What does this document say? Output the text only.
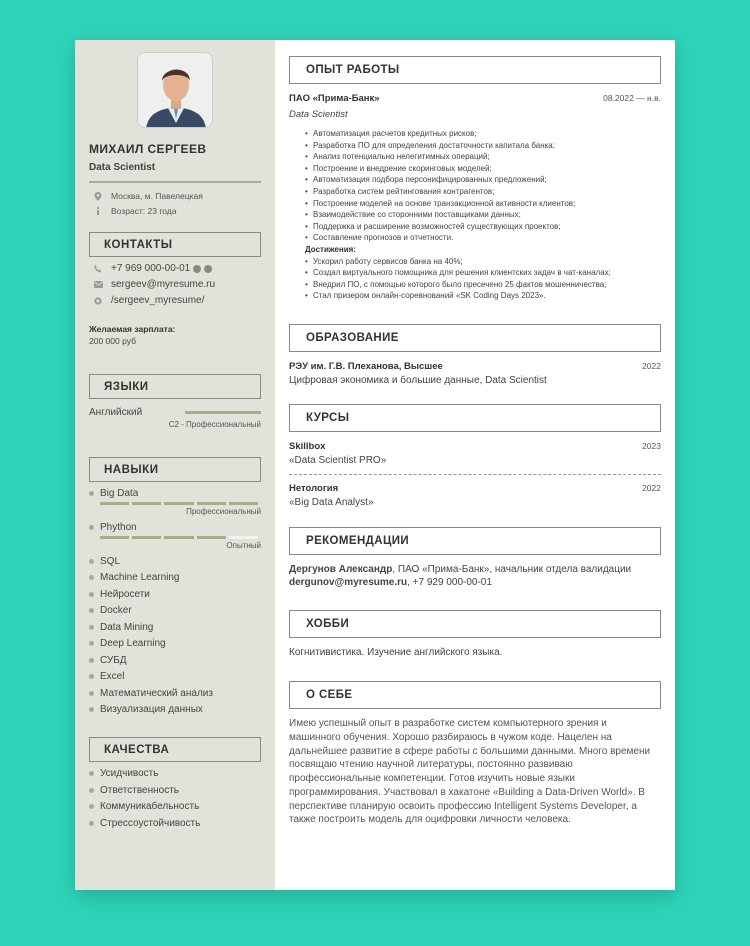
МИХАИЛ СЕРГЕЕВ
Data Scientist
Москва, м. Павелецкая
Возраст: 23 года
КОНТАКТЫ
+7 969 000-00-01
sergeev@myresume.ru
/sergeev_myresume/
Желаемая зарплата:
200 000 руб
ЯЗЫКИ
Английский
C2 - Профессиональный
НАВЫКИ
Big Data
Профессиональный
Phython
Опытный
SQL
Machine Learning
Нейросети
Docker
Data Mining
Deep Learning
СУБД
Excel
Математический анализ
Визуализация данных
КАЧЕСТВА
Усидчивость
Ответственность
Коммуникабельность
Стрессоустойчивость
ОПЫТ РАБОТЫ
ПАО «Прима-Банк»	08.2022 — н.в.
Data Scientist
• Автоматизация расчетов кредитных рисков;
• Разработка ПО для определения достаточности капитала банка;
• Анализ потенциально нелегитимных операций;
• Построение и внедрение скоринговых моделей;
• Автоматизация подбора персонифицированных предложений;
• Разработка систем рейтингования контрагентов;
• Построение моделей на основе транзакционной активности клиентов;
• Взаимодействие со сторонними поставщиками данных;
• Поддержка и расширение возможностей существующих проектов;
• Составление прогнозов и отчетности.
Достижения:
• Ускорил работу сервисов банка на 40%;
• Создал виртуального помощника для решения клиентских задач в чат-каналах;
• Внедрил ПО, с помощью которого было пресечено 25 фактов мошенничества;
• Стал призером онлайн-соревнований «SK Coding Days 2023».
ОБРАЗОВАНИЕ
РЭУ им. Г.В. Плеханова, Высшее	2022
Цифровая экономика и большие данные, Data Scientist
КУРСЫ
Skillbox	2023
«Data Scientist PRO»
Нетология	2022
«Big Data Analyst»
РЕКОМЕНДАЦИИ
Дергунов Александр, ПАО «Прима-Банк», начальник отдела валидации
dergunov@myresume.ru, +7 929 000-00-01
ХОББИ
Когнитивистика. Изучение английского языка.
О СЕБЕ
Имею успешный опыт в разработке систем компьютерного зрения и машинного обучения. Хорошо разбираюсь в чужом коде. Нацелен на дальнейшее развитие в сфере работы с большими данными. Много времени посвящаю чтению научной литературы, постоянно развиваю профессиональные компетенции. Готов изучить новые языки программирования. Участвовал в хакатоне «Building a Data-Driven World». В перспективе планирую освоить профессию Intelligent Systems Developer, а также построить модель для оцифровки личности человека.
